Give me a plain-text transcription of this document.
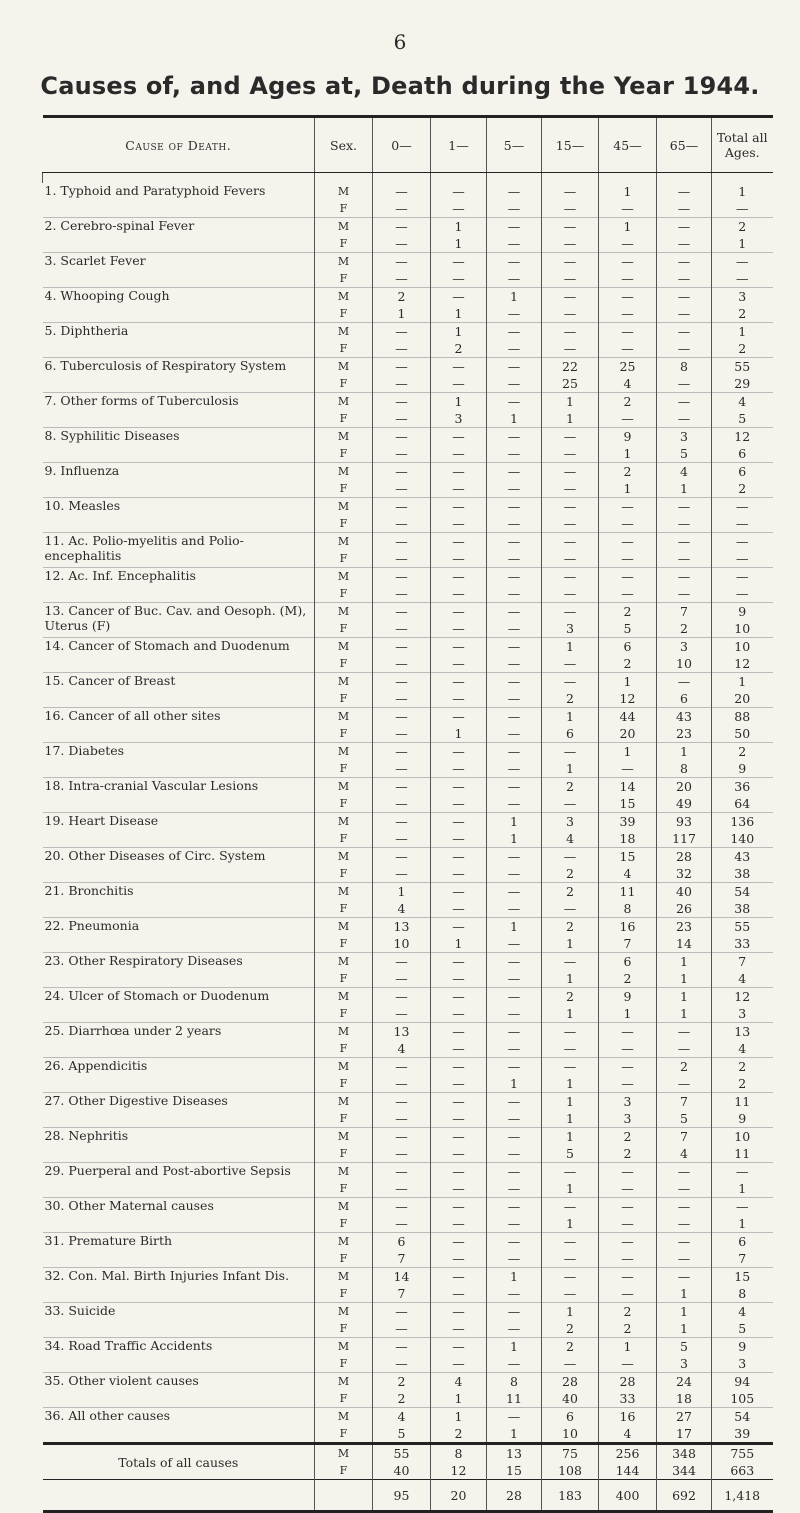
6
Causes of, and Ages at, Death during the Year 1944.
Cause of Death.	Sex.	0—	1—	5—	15—	45—	65—	Total all Ages.

1. Typhoid and Paratyphoid Fevers	M	—	—	—	—	1	—	1
	F	—	—	—	—	—	—	—
2. Cerebro-spinal Fever	M	—	1	—	—	1	—	2
	F	—	1	—	—	—	—	1
3. Scarlet Fever	M	—	—	—	—	—	—	—
	F	—	—	—	—	—	—	—
4. Whooping Cough	M	2	—	1	—	—	—	3
	F	1	1	—	—	—	—	2
5. Diphtheria	M	—	1	—	—	—	—	1
	F	—	2	—	—	—	—	2
6. Tuberculosis of Respiratory System	M	—	—	—	22	25	8	55
	F	—	—	—	25	4	—	29
7. Other forms of Tuberculosis	M	—	1	—	1	2	—	4
	F	—	3	1	1	—	—	5
8. Syphilitic Diseases	M	—	—	—	—	9	3	12
	F	—	—	—	—	1	5	6
9. Influenza	M	—	—	—	—	2	4	6
	F	—	—	—	—	1	1	2
10. Measles	M	—	—	—	—	—	—	—
	F	—	—	—	—	—	—	—
11. Ac. Polio-myelitis and Polio-encephalitis	M	—	—	—	—	—	—	—
	F	—	—	—	—	—	—	—
12. Ac. Inf. Encephalitis	M	—	—	—	—	—	—	—
	F	—	—	—	—	—	—	—
13. Cancer of Buc. Cav. and Oesoph. (M), Uterus (F)	M	—	—	—	—	2	7	9
	F	—	—	—	3	5	2	10
14. Cancer of Stomach and Duodenum	M	—	—	—	1	6	3	10
	F	—	—	—	—	2	10	12
15. Cancer of Breast	M	—	—	—	—	1	—	1
	F	—	—	—	2	12	6	20
16. Cancer of all other sites	M	—	—	—	1	44	43	88
	F	—	1	—	6	20	23	50
17. Diabetes	M	—	—	—	—	1	1	2
	F	—	—	—	1	—	8	9
18. Intra-cranial Vascular Lesions	M	—	—	—	2	14	20	36
	F	—	—	—	—	15	49	64
19. Heart Disease	M	—	—	1	3	39	93	136
	F	—	—	1	4	18	117	140
20. Other Diseases of Circ. System	M	—	—	—	—	15	28	43
	F	—	—	—	2	4	32	38
21. Bronchitis	M	1	—	—	2	11	40	54
	F	4	—	—	—	8	26	38
22. Pneumonia	M	13	—	1	2	16	23	55
	F	10	1	—	1	7	14	33
23. Other Respiratory Diseases	M	—	—	—	—	6	1	7
	F	—	—	—	1	2	1	4
24. Ulcer of Stomach or Duodenum	M	—	—	—	2	9	1	12
	F	—	—	—	1	1	1	3
25. Diarrhœa under 2 years	M	13	—	—	—	—	—	13
	F	4	—	—	—	—	—	4
26. Appendicitis	M	—	—	—	—	—	2	2
	F	—	—	1	1	—	—	2
27. Other Digestive Diseases	M	—	—	—	1	3	7	11
	F	—	—	—	1	3	5	9
28. Nephritis	M	—	—	—	1	2	7	10
	F	—	—	—	5	2	4	11
29. Puerperal and Post-abortive Sepsis	M	—	—	—	—	—	—	—
	F	—	—	—	1	—	—	1
30. Other Maternal causes	M	—	—	—	—	—	—	—
	F	—	—	—	1	—	—	1
31. Premature Birth	M	6	—	—	—	—	—	6
	F	7	—	—	—	—	—	7
32. Con. Mal. Birth Injuries Infant Dis.	M	14	—	1	—	—	—	15
	F	7	—	—	—	—	1	8
33. Suicide	M	—	—	—	1	2	1	4
	F	—	—	—	2	2	1	5
34. Road Traffic Accidents	M	—	—	1	2	1	5	9
	F	—	—	—	—	—	3	3
35. Other violent causes	M	2	4	8	28	28	24	94
	F	2	1	11	40	33	18	105
36. All other causes	M	4	1	—	6	16	27	54
	F	5	2	1	10	4	17	39
Totals of all causes	M	55	8	13	75	256	348	755
	F	40	12	15	108	144	344	663
		95	20	28	183	400	692	1,418
